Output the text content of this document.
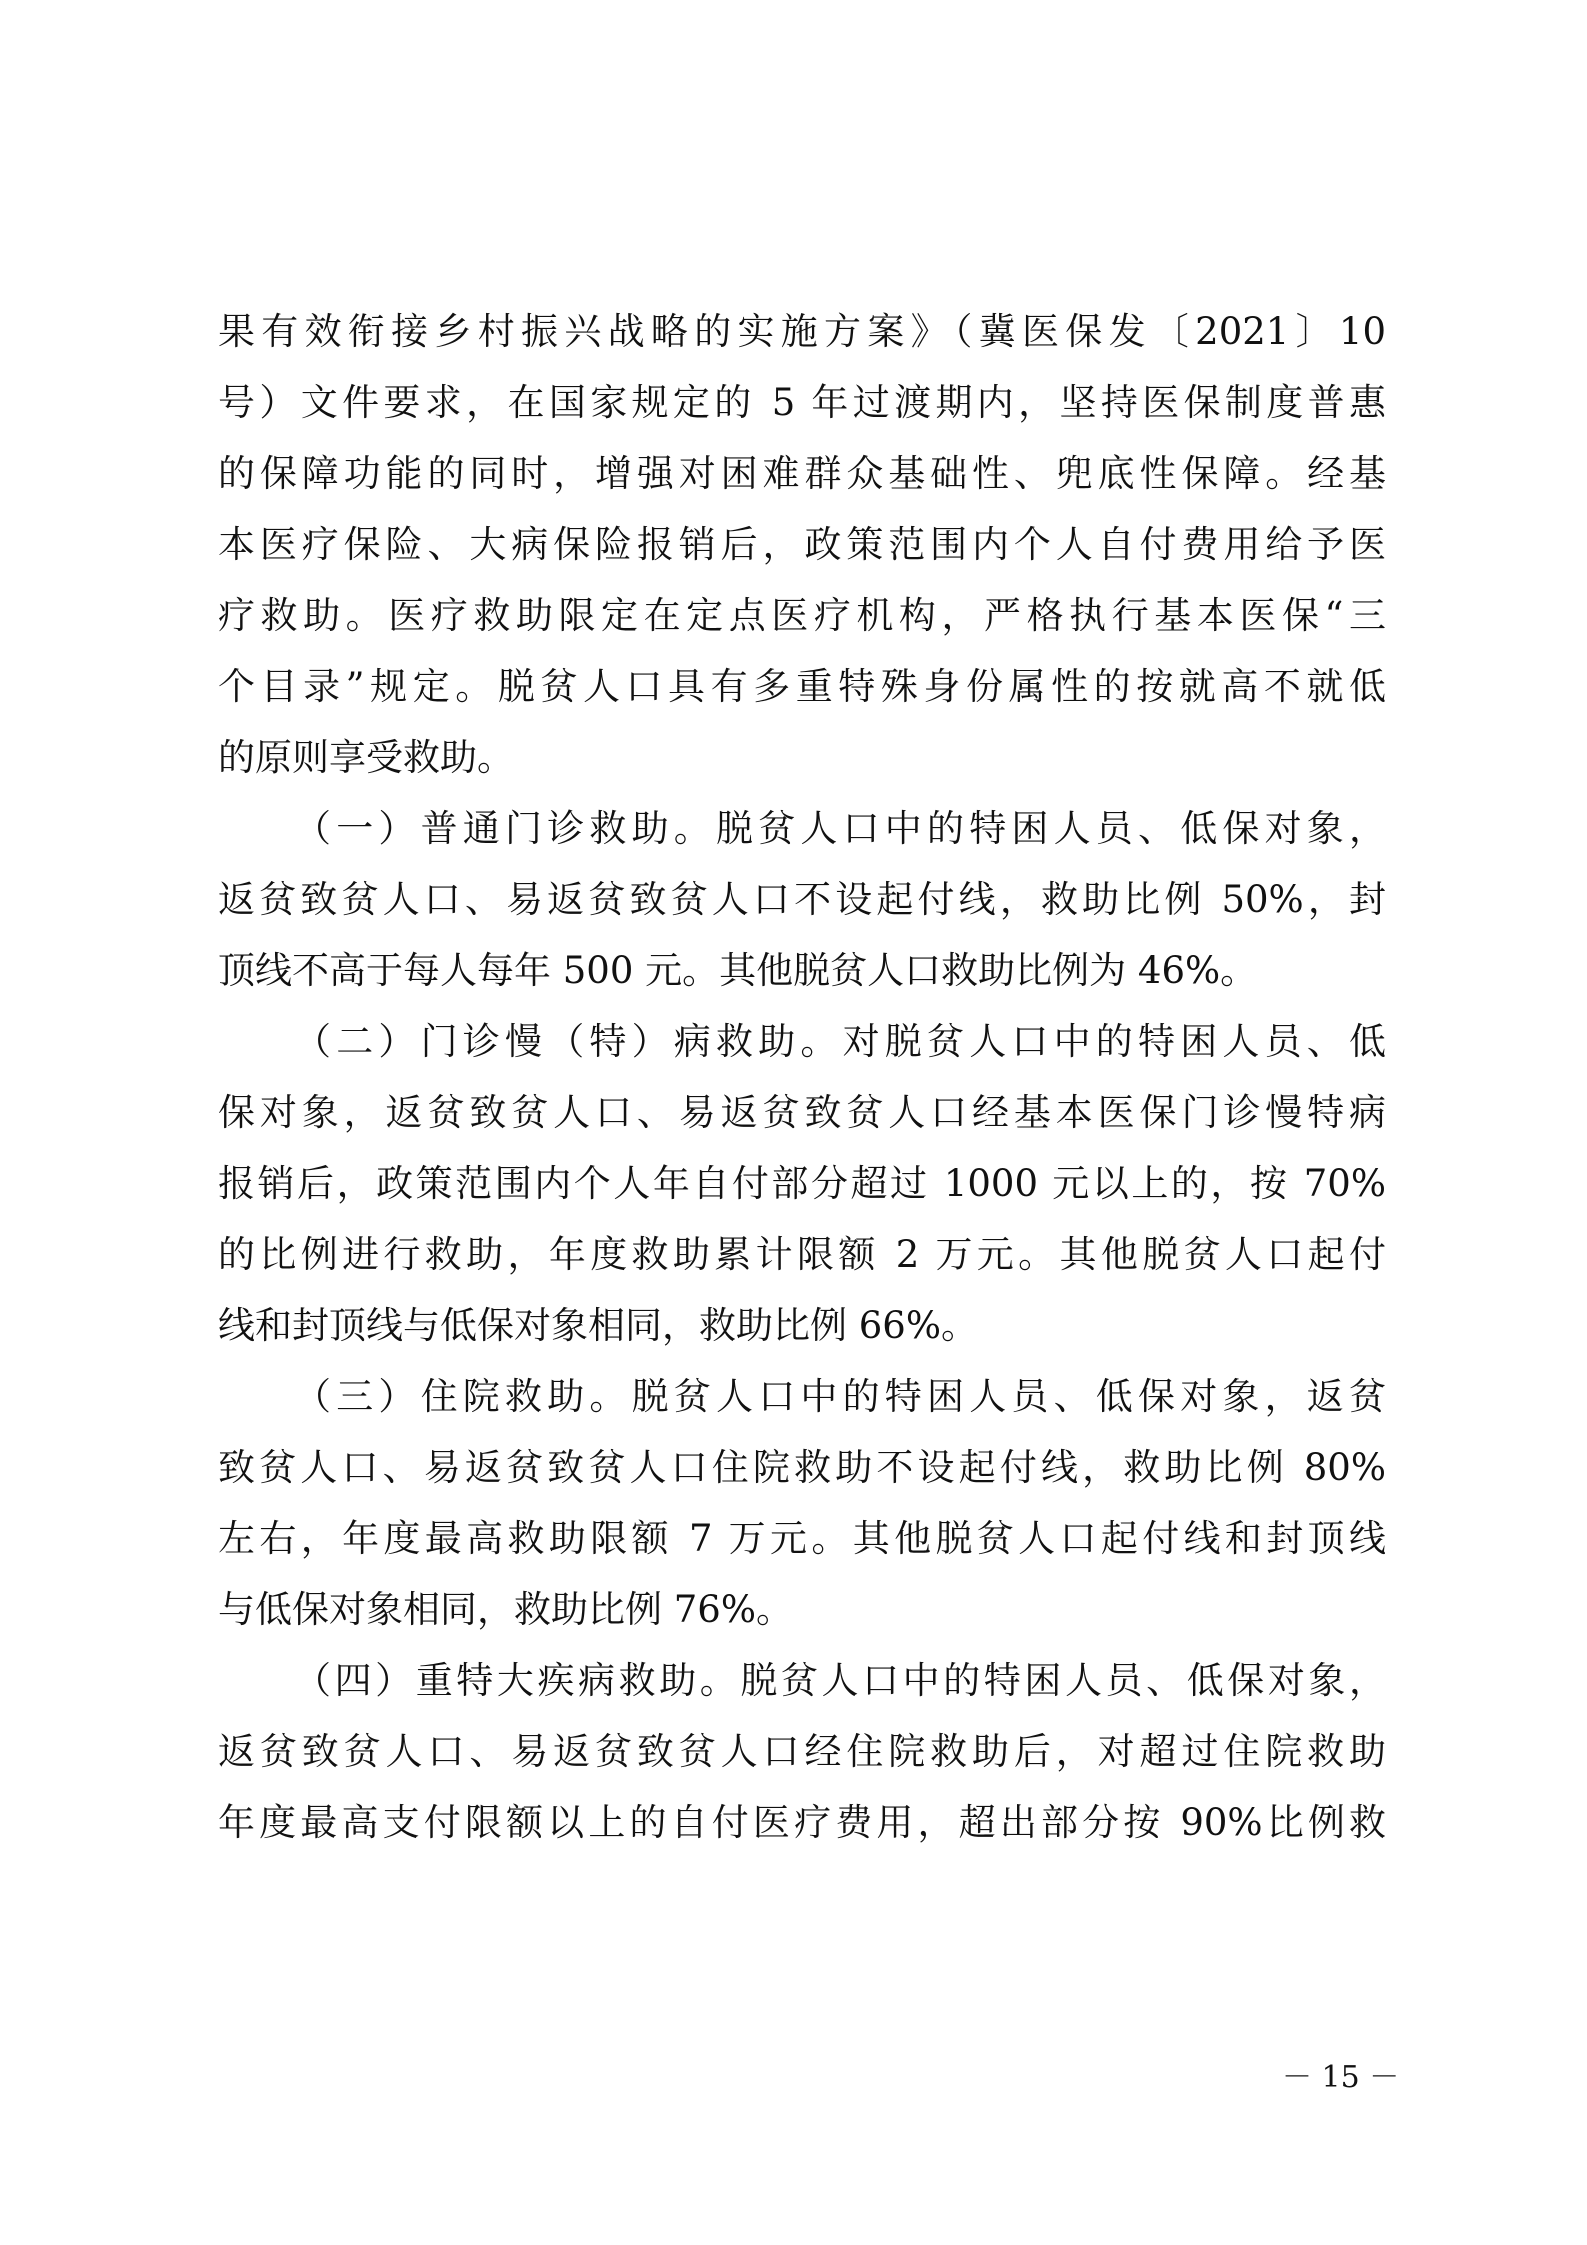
果有效衔接乡村振兴战略的实施方案》（冀医保发〔2021〕10
号）文件要求，在国家规定的 5 年过渡期内，坚持医保制度普惠
的保障功能的同时，增强对困难群众基础性、兜底性保障。经基
本医疗保险、大病保险报销后，政策范围内个人自付费用给予医
疗救助。医疗救助限定在定点医疗机构，严格执行基本医保“三
个目录”规定。脱贫人口具有多重特殊身份属性的按就高不就低
的原则享受救助。
（一）普通门诊救助。脱贫人口中的特困人员、低保对象，
返贫致贫人口、易返贫致贫人口不设起付线，救助比例 50%，封
顶线不高于每人每年 500 元。其他脱贫人口救助比例为 46%。
（二）门诊慢（特）病救助。对脱贫人口中的特困人员、低
保对象，返贫致贫人口、易返贫致贫人口经基本医保门诊慢特病
报销后，政策范围内个人年自付部分超过 1000 元以上的，按 70%
的比例进行救助，年度救助累计限额 2 万元。其他脱贫人口起付
线和封顶线与低保对象相同，救助比例 66%。
（三）住院救助。脱贫人口中的特困人员、低保对象，返贫
致贫人口、易返贫致贫人口住院救助不设起付线，救助比例 80%
左右，年度最高救助限额 7 万元。其他脱贫人口起付线和封顶线
与低保对象相同，救助比例 76%。
（四）重特大疾病救助。脱贫人口中的特困人员、低保对象，
返贫致贫人口、易返贫致贫人口经住院救助后，对超过住院救助
年度最高支付限额以上的自付医疗费用，超出部分按 90%比例救
－ 15 －
